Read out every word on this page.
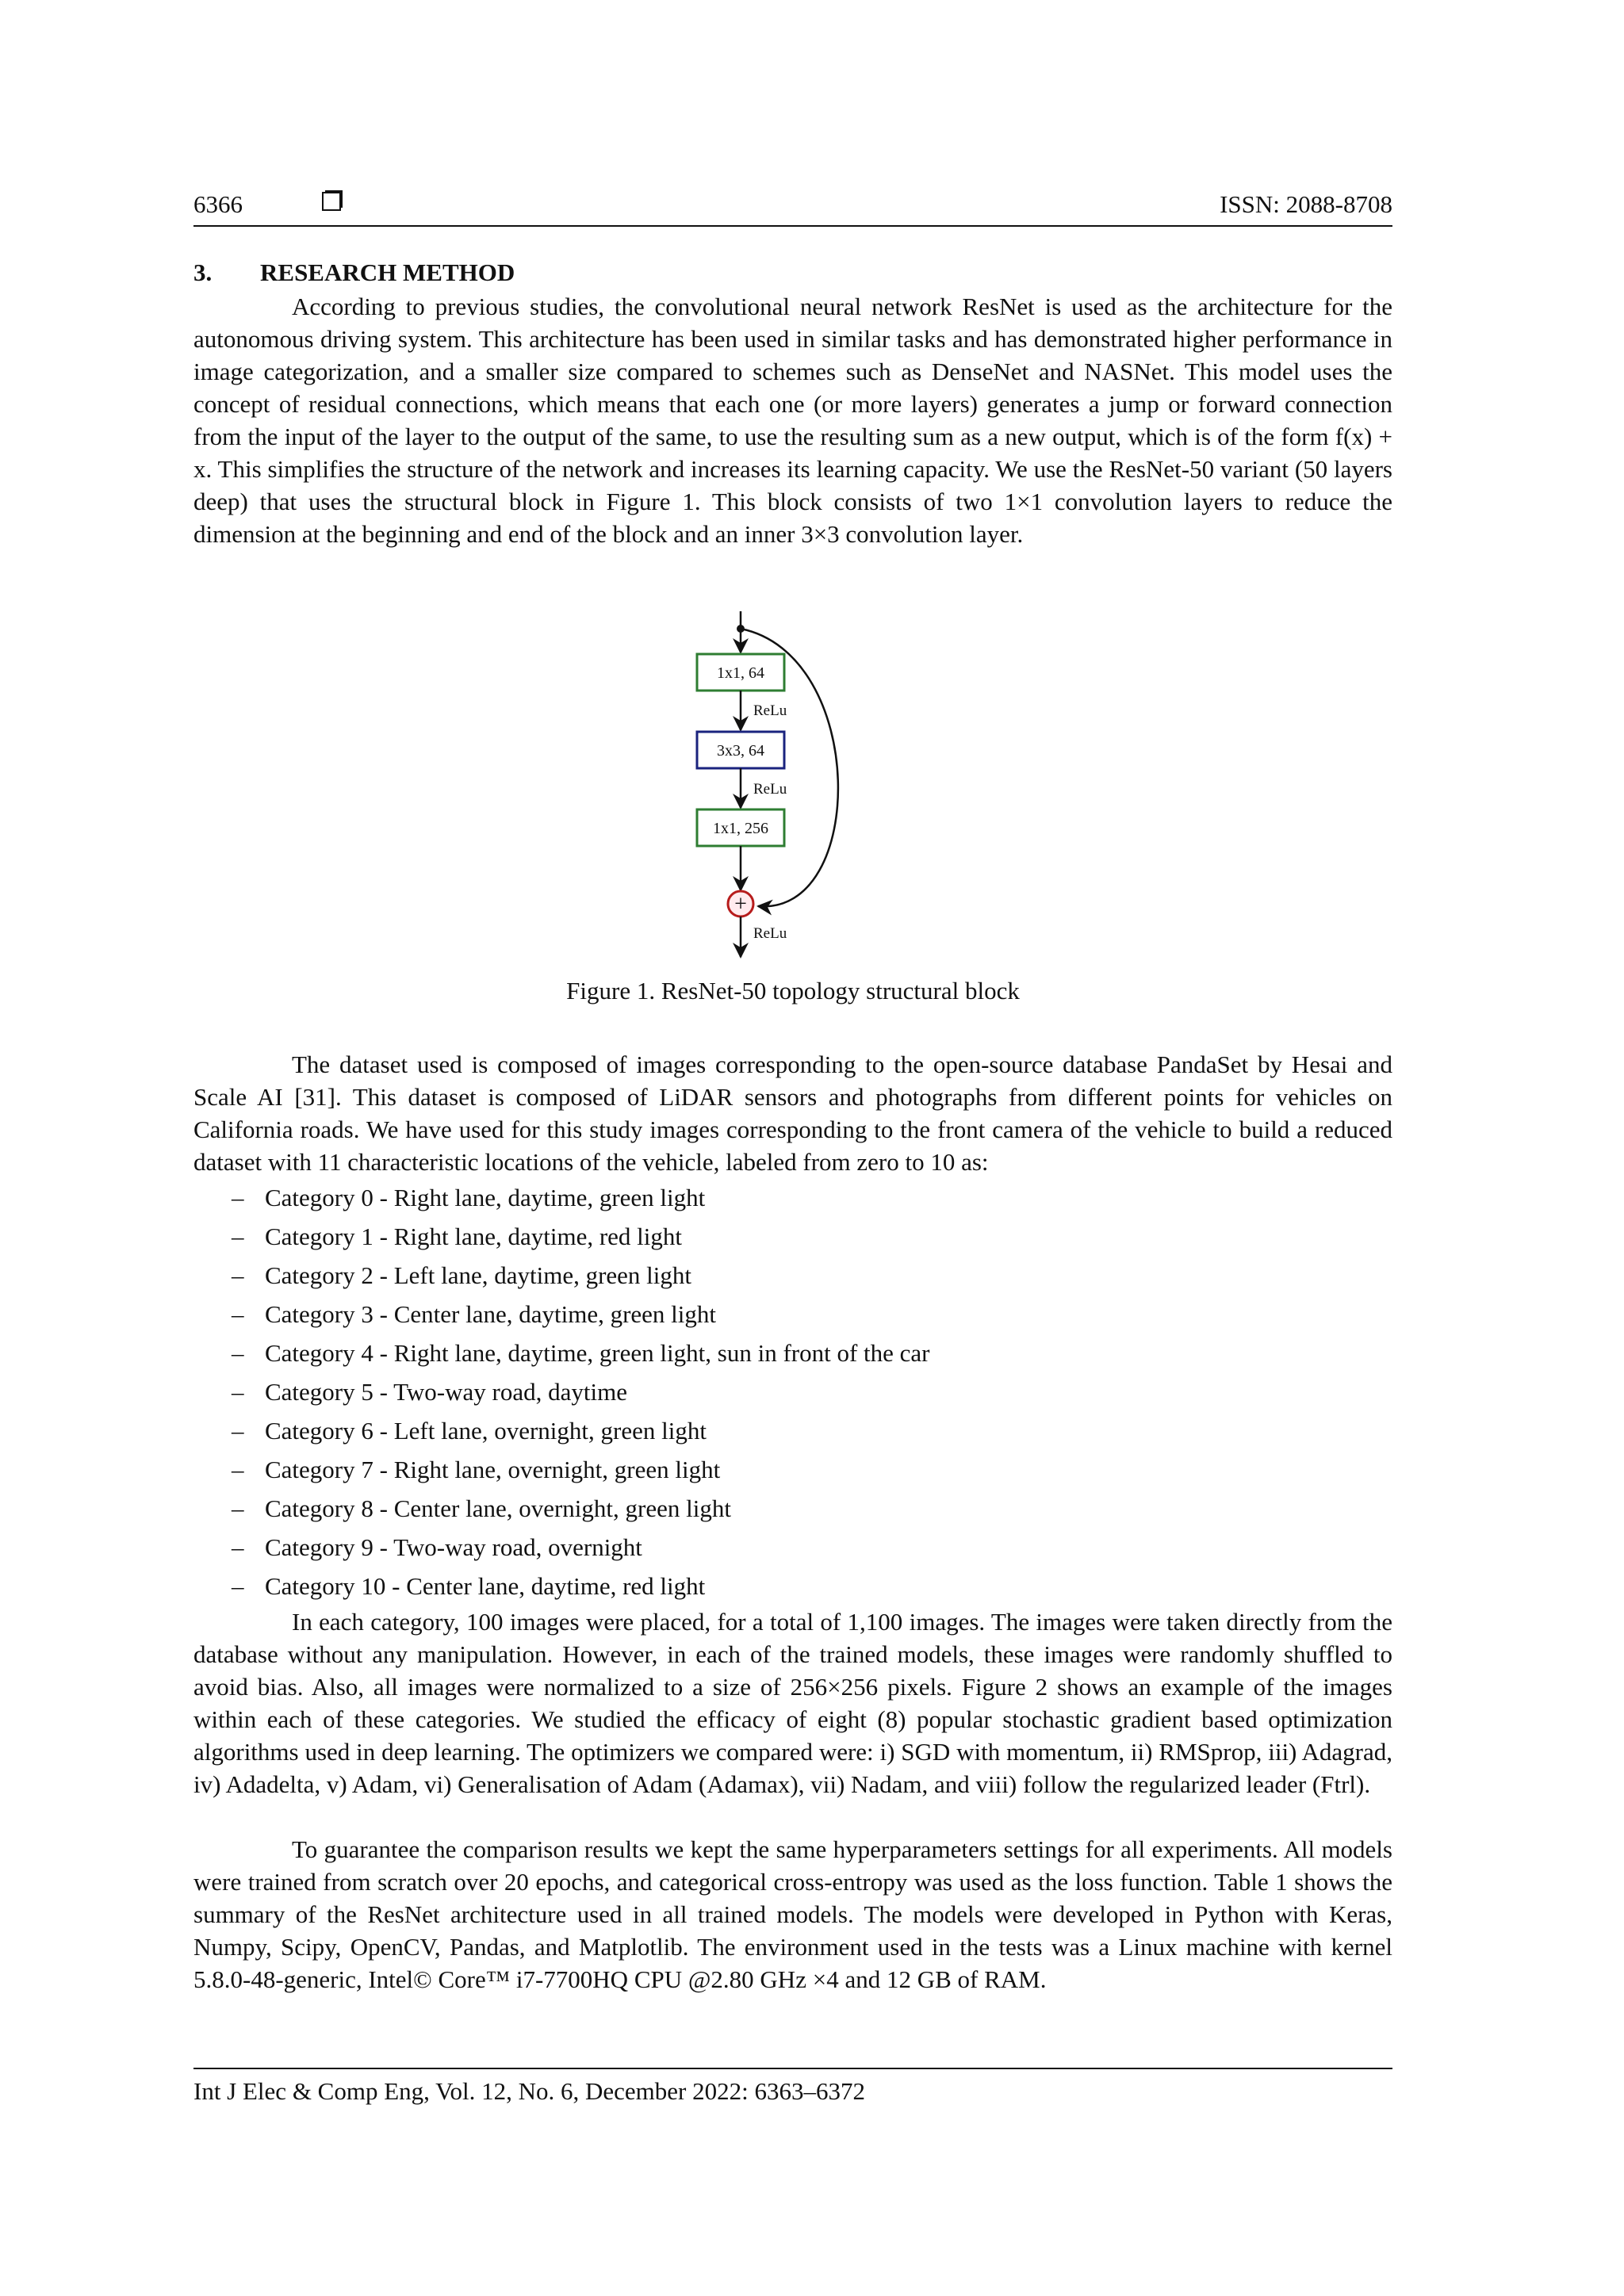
6366	ISSN: 2088-8708
3. RESEARCH METHOD

According to previous studies, the convolutional neural network ResNet is used as the architecture for the autonomous driving system. This architecture has been used in similar tasks and has demonstrated higher performance in image categorization, and a smaller size compared to schemes such as DenseNet and NASNet. This model uses the concept of residual connections, which means that each one (or more layers) generates a jump or forward connection from the input of the layer to the output of the same, to use the resulting sum as a new output, which is of the form f(x) + x. This simplifies the structure of the network and increases its learning capacity. We use the ResNet-50 variant (50 layers deep) that uses the structural block in Figure 1. This block consists of two 1×1 convolution layers to reduce the dimension at the beginning and end of the block and an inner 3×3 convolution layer.

1x1, 64
ReLu
3x3, 64
ReLu
1x1, 256
+
ReLu
Figure 1. ResNet-50 topology structural block

The dataset used is composed of images corresponding to the open-source database PandaSet by Hesai and Scale AI [31]. This dataset is composed of LiDAR sensors and photographs from different points for vehicles on California roads. We have used for this study images corresponding to the front camera of the vehicle to build a reduced dataset with 11 characteristic locations of the vehicle, labeled from zero to 10 as:

– Category 0 - Right lane, daytime, green light
– Category 1 - Right lane, daytime, red light
– Category 2 - Left lane, daytime, green light
– Category 3 - Center lane, daytime, green light
– Category 4 - Right lane, daytime, green light, sun in front of the car
– Category 5 - Two-way road, daytime
– Category 6 - Left lane, overnight, green light
– Category 7 - Right lane, overnight, green light
– Category 8 - Center lane, overnight, green light
– Category 9 - Two-way road, overnight
– Category 10 - Center lane, daytime, red light

In each category, 100 images were placed, for a total of 1,100 images. The images were taken directly from the database without any manipulation. However, in each of the trained models, these images were randomly shuffled to avoid bias. Also, all images were normalized to a size of 256×256 pixels. Figure 2 shows an example of the images within each of these categories. We studied the efficacy of eight (8) popular stochastic gradient based optimization algorithms used in deep learning. The optimizers we compared were: i) SGD with momentum, ii) RMSprop, iii) Adagrad, iv) Adadelta, v) Adam, vi) Generalisation of Adam (Adamax), vii) Nadam, and viii) follow the regularized leader (Ftrl).

To guarantee the comparison results we kept the same hyperparameters settings for all experiments. All models were trained from scratch over 20 epochs, and categorical cross-entropy was used as the loss function. Table 1 shows the summary of the ResNet architecture used in all trained models. The models were developed in Python with Keras, Numpy, Scipy, OpenCV, Pandas, and Matplotlib. The environment used in the tests was a Linux machine with kernel 5.8.0-48-generic, Intel© Core™ i7-7700HQ CPU @2.80 GHz ×4 and 12 GB of RAM.

Int J Elec & Comp Eng, Vol. 12, No. 6, December 2022: 6363–6372
